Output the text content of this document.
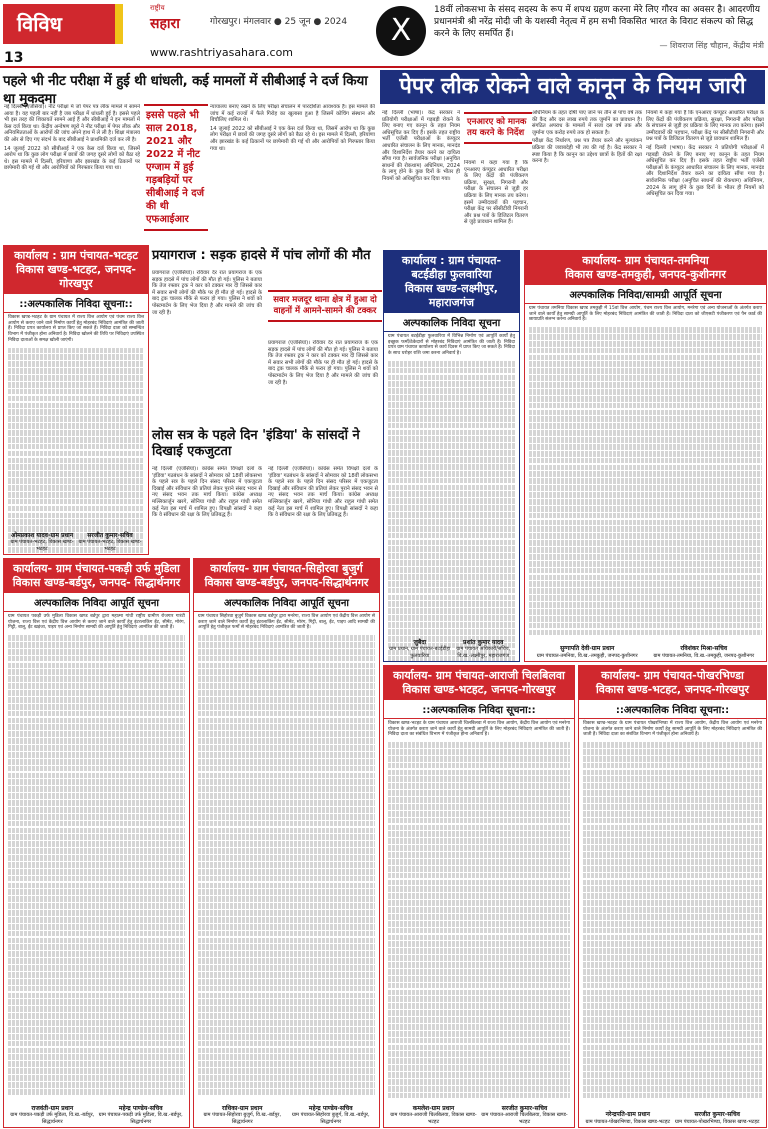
विविध
13
राष्ट्रीय
सहारा	गोरखपुर। मंगलवार ● 25 जून ● 2024
www.rashtriyasahara.com
X
18वीं लोकसभा के संसद सदस्य के रूप में शपथ ग्रहण करना मेरे लिए गौरव का अवसर है। आदरणीय प्रधानमंत्री श्री नरेंद्र मोदी जी के यशस्वी नेतृत्व में हम सभी विकसित भारत के विराट संकल्प को सिद्ध करने के लिए समर्पित हैं।
— शिवराज सिंह चौहान, केंद्रीय मंत्री
पहले भी नीट परीक्षा में हुई थी धांधली, कई मामलों में सीबीआई ने दर्ज किया था मुकदमा

नई दिल्ली (एजेंसियां)। नीट परीक्षा में जो पेपर पत्र लीक मामले में सामने आया है। यह पहली बार नहीं है जब परीक्षा में धांधली हुई है। इससे पहले भी इस तरह की शिकायतें सामने आई हैं और सीबीआई ने इन मामलों में केस दर्ज किया था। केंद्रीय अन्वेषण ब्यूरो ने नीट परीक्षा में पेपर लीक और अनियमितताओं के आरोपों की जांच अपने हाथ में ले ली है। शिक्षा मंत्रालय की ओर से दिए गए संदर्भ के बाद सीबीआई ने प्राथमिकी दर्ज कर ली है।

14 जुलाई 2022 को सीबीआई ने एक केस दर्ज किया था, जिसमें आरोप था कि कुछ लोग परीक्षा में छात्रों की जगह दूसरे लोगों को बैठा रहे थे। इस मामले में दिल्ली, हरियाणा और झारखंड के कई ठिकानों पर छापेमारी की गई थी और आरोपियों को गिरफ्तार किया गया था।

इससे पहले भी साल 2018, 2021 और 2022 में नीट एग्जाम में हुई गड़बड़ियों पर सीबीआई ने दर्ज की थी एफआईआर

न्यायालय बनाए रखने के लिए परीक्षा संचालन में पारदर्शिता आवश्यक है। इस मामले की जांच में कई राज्यों में फैले गिरोह का खुलासा हुआ है जिसमें कोचिंग संस्थान और बिचौलिए शामिल थे।

14 जुलाई 2022 को सीबीआई ने एक केस दर्ज किया था, जिसमें आरोप था कि कुछ लोग परीक्षा में छात्रों की जगह दूसरे लोगों को बैठा रहे थे। इस मामले में दिल्ली, हरियाणा और झारखंड के कई ठिकानों पर छापेमारी की गई थी और आरोपियों को गिरफ्तार किया गया था।

पेपर लीक रोकने वाले कानून के नियम जारी

नई दिल्ली (भाषा)। केंद्र सरकार ने प्रतियोगी परीक्षाओं में गड़बड़ी रोकने के लिए बनाए गए कानून के तहत नियम अधिसूचित कर दिए हैं। इसके तहत राष्ट्रीय भर्ती एजेंसी परीक्षाओं के कंप्यूटर आधारित संचालन के लिए मानक, मानदंड और दिशानिर्देश तैयार करने का दायित्व सौंपा गया है। सार्वजनिक परीक्षा (अनुचित साधनों की रोकथाम) अधिनियम, 2024 के लागू होने के कुछ दिनों के भीतर ही नियमों को अधिसूचित कर दिया गया।

एनआरए को मानक तय करने के निर्देश

नियमों में कहा गया है कि एनआरए कंप्यूटर आधारित परीक्षा के लिए केंद्रों की पंजीकरण प्रक्रिया, सुरक्षा, निगरानी और परीक्षा के संचालन से जुड़ी हर प्रक्रिया के लिए मानक तय करेगा। इसमें उम्मीदवारों की पहचान, परीक्षा केंद्र पर सीसीटीवी निगरानी और प्रश्न पत्रों के डिजिटल वितरण से जुड़े प्रावधान शामिल हैं।

अधिनियम के तहत दोषी पाए जाने पर तीन से पांच वर्ष तक की कैद और दस लाख रुपये तक जुर्माने का प्रावधान है। संगठित अपराध के मामलों में सजा दस वर्ष तक और जुर्माना एक करोड़ रुपये तक हो सकता है।

परीक्षा केंद्र निर्धारण, प्रश्न पत्र तैयार करने और मूल्यांकन प्रक्रिया की जवाबदेही भी तय की गई है। केंद्र सरकार ने स्पष्ट किया है कि कानून का उद्देश्य छात्रों के हितों की रक्षा करना है।

नियमों में कहा गया है कि एनआरए कंप्यूटर आधारित परीक्षा के लिए केंद्रों की पंजीकरण प्रक्रिया, सुरक्षा, निगरानी और परीक्षा के संचालन से जुड़ी हर प्रक्रिया के लिए मानक तय करेगा। इसमें उम्मीदवारों की पहचान, परीक्षा केंद्र पर सीसीटीवी निगरानी और प्रश्न पत्रों के डिजिटल वितरण से जुड़े प्रावधान शामिल हैं।

नई दिल्ली (भाषा)। केंद्र सरकार ने प्रतियोगी परीक्षाओं में गड़बड़ी रोकने के लिए बनाए गए कानून के तहत नियम अधिसूचित कर दिए हैं। इसके तहत राष्ट्रीय भर्ती एजेंसी परीक्षाओं के कंप्यूटर आधारित संचालन के लिए मानक, मानदंड और दिशानिर्देश तैयार करने का दायित्व सौंपा गया है। सार्वजनिक परीक्षा (अनुचित साधनों की रोकथाम) अधिनियम, 2024 के लागू होने के कुछ दिनों के भीतर ही नियमों को अधिसूचित कर दिया गया।

कार्यालय : ग्राम पंचायत-भटहट
विकास खण्ड-भटहट, जनपद-गोरखपुर
::अल्पकालिक निविदा सूचना::
विकास खण्ड-भटहट के ग्राम पंचायत में राज्य वित्त आयोग एवं पंचम राज्य वित्त आयोग से कराए जाने वाले निर्माण कार्यों हेतु मोहरबंद निविदाएं आमंत्रित की जाती हैं। निविदा प्रपत्र कार्यालय से प्राप्त किए जा सकते हैं। निविदा दाता को सम्बन्धित विभाग में पंजीकृत होना अनिवार्य है। निविदा खोलने की तिथि पर निविदाएं उपस्थित निविदा दाताओं के समक्ष खोली जाएंगी।
ओमप्रकाश यादव-ग्राम प्रधान
ग्राम पंचायत-भटहट, विकास खण्ड-भटहट
सरजीत कुमार-सचिव
ग्राम पंचायत-भटहट, विकास खण्ड-भटहट
प्रयागराज : सड़क हादसे में पांच लोगों की मौत
प्रयागराज (एजेंसियां)। रविवार देर रात प्रयागराज के एक सड़क हादसे में पांच लोगों की मौत हो गई। पुलिस ने बताया कि तेज रफ्तार ट्रक ने कार को टक्कर मार दी जिससे कार में सवार सभी लोगों की मौके पर ही मौत हो गई। हादसे के बाद ट्रक चालक मौके से फरार हो गया। पुलिस ने शवों को पोस्टमार्टम के लिए भेज दिया है और मामले की जांच की जा रही है।
सवार मजदूर थाना क्षेत्र में हुआ दो वाहनों में आमने-सामने की टक्कर
प्रयागराज (एजेंसियां)। रविवार देर रात प्रयागराज के एक सड़क हादसे में पांच लोगों की मौत हो गई। पुलिस ने बताया कि तेज रफ्तार ट्रक ने कार को टक्कर मार दी जिससे कार में सवार सभी लोगों की मौके पर ही मौत हो गई। हादसे के बाद ट्रक चालक मौके से फरार हो गया। पुलिस ने शवों को पोस्टमार्टम के लिए भेज दिया है और मामले की जांच की जा रही है।
लोस सत्र के पहले दिन 'इंडिया' के सांसदों ने दिखाई एकजुटता
नई दिल्ली (एजेंसियां)। कांग्रेस समेत विपक्षी दलों के 'इंडिया' गठबंधन के सांसदों ने सोमवार को 18वीं लोकसभा के पहले सत्र के पहले दिन संसद परिसर में एकजुटता दिखाई और संविधान की प्रतियां लेकर पुराने संसद भवन से नए संसद भवन तक मार्च किया। कांग्रेस अध्यक्ष मल्लिकार्जुन खरगे, सोनिया गांधी और राहुल गांधी समेत कई नेता इस मार्च में शामिल हुए। विपक्षी सांसदों ने कहा कि वे संविधान की रक्षा के लिए प्रतिबद्ध हैं।
नई दिल्ली (एजेंसियां)। कांग्रेस समेत विपक्षी दलों के 'इंडिया' गठबंधन के सांसदों ने सोमवार को 18वीं लोकसभा के पहले सत्र के पहले दिन संसद परिसर में एकजुटता दिखाई और संविधान की प्रतियां लेकर पुराने संसद भवन से नए संसद भवन तक मार्च किया। कांग्रेस अध्यक्ष मल्लिकार्जुन खरगे, सोनिया गांधी और राहुल गांधी समेत कई नेता इस मार्च में शामिल हुए। विपक्षी सांसदों ने कहा कि वे संविधान की रक्षा के लिए प्रतिबद्ध हैं।
कार्यालय : ग्राम पंचायत-बटईडीहा फुलवारिया
विकास खण्ड-लक्ष्मीपुर, महाराजगंज
अल्पकालिक निविदा सूचना
ग्राम पंचायत बटईडीहा फुलवारिया में विभिन्न निर्माण एवं आपूर्ति कार्यों हेतु इच्छुक फर्मों/ठेकेदारों से मोहरबंद निविदाएं आमंत्रित की जाती हैं। निविदा प्रपत्र ग्राम पंचायत कार्यालय से कार्य दिवस में प्राप्त किए जा सकते हैं। निविदा के साथ धरोहर राशि जमा करना अनिवार्य है।
जुबैदा
ग्राम प्रधान, ग्राम पंचायत-बटईडीहा फुलवारिया
प्रशांत कुमार यादव
ग्राम पंचायत अधिकारी/सचिव, वि.ख.-लक्ष्मीपुर, महाराजगंज
कार्यालय- ग्राम पंचायत-तमनिया
विकास खण्ड-तमकुही, जनपद-कुशीनगर
अल्पकालिक निविदा/सामग्री आपूर्ति सूचना
ग्राम पंचायत तमनिया विकास खण्ड तमकुही में 15वां वित्त आयोग, पंचम राज्य वित्त आयोग, मनरेगा एवं अन्य योजनाओं के अंतर्गत कराए जाने वाले कार्यों हेतु सामग्री आपूर्ति के लिए मोहरबंद निविदाएं आमंत्रित की जाती हैं। निविदा दाता को जीएसटी पंजीकरण एवं पैन कार्ड की छायाप्रति संलग्न करना अनिवार्य है।
सुग्गापति देवी-ग्राम प्रधान
ग्राम पंचायत-तमनिया, वि.ख.-तमकुही, जनपद-कुशीनगर
रविशंकर मिश्रा-सचिव
ग्राम पंचायत-तमनिया, वि.ख.-तमकुही, जनपद-कुशीनगर
कार्यालय- ग्राम पंचायत-पकड़ी उर्फ मुडिला
विकास खण्ड-बर्डपुर, जनपद- सिद्धार्थनगर
अल्पकालिक निविदा आपूर्ति सूचना
ग्राम पंचायत पकड़ी उर्फ मुडिला विकास खण्ड बर्डपुर द्वारा महात्मा गांधी राष्ट्रीय ग्रामीण रोजगार गारंटी योजना, राज्य वित्त एवं केंद्रीय वित्त आयोग से कराए जाने वाले कार्यों हेतु इंटरलाकिंग ईंट, सीमेंट, मोरंग, गिट्टी, बालू, ईंट खड़ंजा, पाइप एवं अन्य निर्माण सामग्री की आपूर्ति हेतु निविदाएं आमंत्रित की जाती हैं।
राजवंती-ग्राम प्रधान
ग्राम पंचायत-पकड़ी उर्फ मुडिला, वि.ख.-बर्डपुर, सिद्धार्थनगर
महेन्द्र पाण्डेय-सचिव
ग्राम पंचायत-पकड़ी उर्फ मुडिला, वि.ख.-बर्डपुर, सिद्धार्थनगर
कार्यालय- ग्राम पंचायत-सिहोरवा बुजुर्ग
विकास खण्ड-बर्डपुर, जनपद-सिद्धार्थनगर
अल्पकालिक निविदा आपूर्ति सूचना
ग्राम पंचायत सिहोरवा बुजुर्ग विकास खण्ड बर्डपुर द्वारा मनरेगा, राज्य वित्त आयोग एवं केंद्रीय वित्त आयोग से कराए जाने वाले निर्माण कार्यों हेतु इंटरलाकिंग ईंट, सीमेंट, मोरंग, गिट्टी, बालू, ईंट, पाइप आदि सामग्री की आपूर्ति हेतु पंजीकृत फर्मों से मोहरबंद निविदाएं आमंत्रित की जाती हैं।
राधिका-ग्राम प्रधान
ग्राम पंचायत-सिहोरवा बुजुर्ग, वि.ख.-बर्डपुर, सिद्धार्थनगर
महेन्द्र पाण्डेय-सचिव
ग्राम पंचायत-सिहोरवा बुजुर्ग, वि.ख.-बर्डपुर, सिद्धार्थनगर
कार्यालय- ग्राम पंचायत-आराजी चिलबिलवा
विकास खण्ड-भटहट, जनपद-गोरखपुर
::अल्पकालिक निविदा सूचना::
विकास खण्ड-भटहट के ग्राम पंचायत आराजी चिलबिलवा में राज्य वित्त आयोग, केंद्रीय वित्त आयोग एवं मनरेगा योजना के अंतर्गत कराए जाने वाले कार्यों हेतु सामग्री आपूर्ति के लिए मोहरबंद निविदाएं आमंत्रित की जाती हैं। निविदा दाता का संबंधित विभाग में पंजीकृत होना अनिवार्य है।
कमलेश-ग्राम प्रधान
ग्राम पंचायत-आराजी चिलबिलवा, विकास खण्ड-भटहट
सरजीत कुमार-सचिव
ग्राम पंचायत-आराजी चिलबिलवा, विकास खण्ड-भटहट
कार्यालय- ग्राम पंचायत-पोखरभिण्डा
विकास खण्ड-भटहट, जनपद-गोरखपुर
::अल्पकालिक निविदा सूचना::
विकास खण्ड-भटहट के ग्राम पंचायत पोखरभिण्डा में राज्य वित्त आयोग, केंद्रीय वित्त आयोग एवं मनरेगा योजना के अंतर्गत कराए जाने वाले निर्माण कार्यों हेतु सामग्री आपूर्ति के लिए मोहरबंद निविदाएं आमंत्रित की जाती हैं। निविदा दाता का संबंधित विभाग में पंजीकृत होना अनिवार्य है।
नरेन्द्रपति-ग्राम प्रधान
ग्राम पंचायत-पोखरभिण्डा, विकास खण्ड-भटहट
सरजीत कुमार-सचिव
ग्राम पंचायत-पोखरभिण्डा, विकास खण्ड-भटहट
